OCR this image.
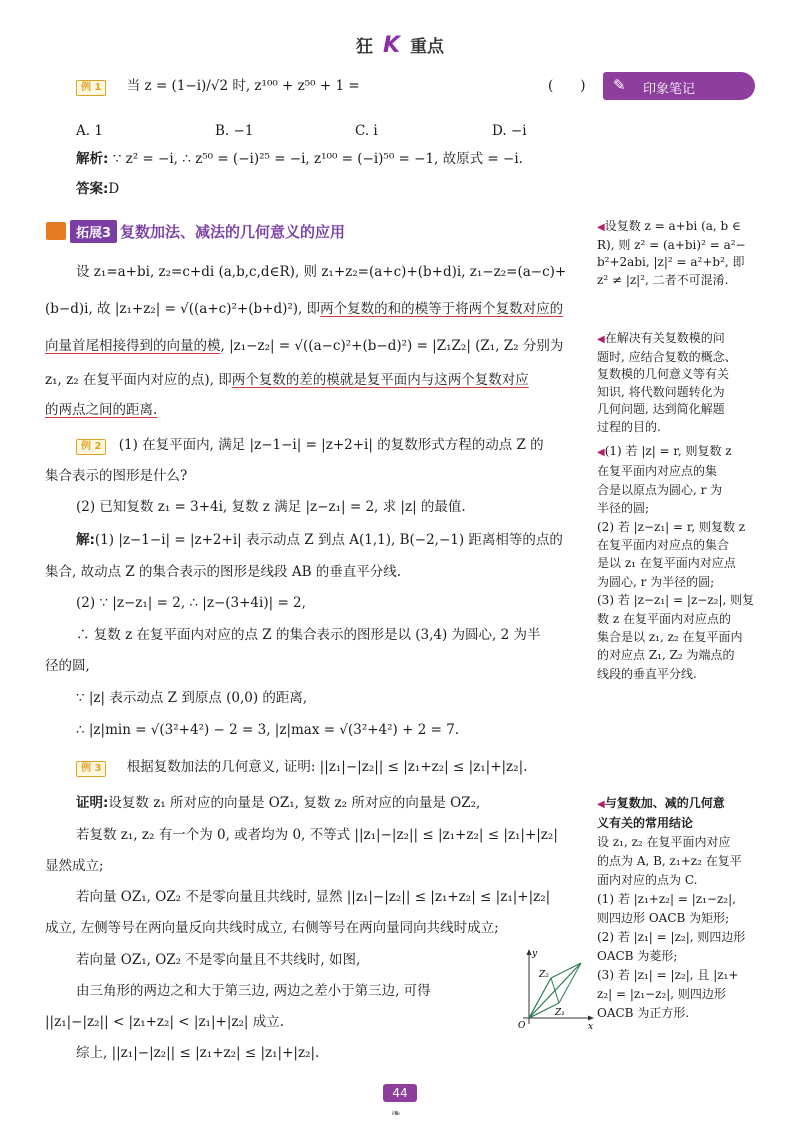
狂 K 重点
✎ 印象笔记
例 1 当 z = (1−i)/√2 时, z¹⁰⁰ + z⁵⁰ + 1 =	(　　)
A. 1	B. −1	C. i	D. −i
解析: ∵ z² = −i, ∴ z⁵⁰ = (−i)²⁵ = −i, z¹⁰⁰ = (−i)⁵⁰ = −1, 故原式 = −i.
答案:D
拓展3 复数加法、减法的几何意义的应用
设 z₁=a+bi, z₂=c+di (a,b,c,d∈R), 则 z₁+z₂=(a+c)+(b+d)i, z₁−z₂=(a−c)+
(b−d)i, 故 |z₁+z₂| = √((a+c)²+(b+d)²), 即两个复数的和的模等于将两个复数对应的
向量首尾相接得到的向量的模, |z₁−z₂| = √((a−c)²+(b−d)²) = |Z₁Z₂| (Z₁, Z₂ 分别为
z₁, z₂ 在复平面内对应的点), 即两个复数的差的模就是复平面内与这两个复数对应
的两点之间的距离.
例 2 (1) 在复平面内, 满足 |z−1−i| = |z+2+i| 的复数形式方程的动点 Z 的
集合表示的图形是什么?
(2) 已知复数 z₁ = 3+4i, 复数 z 满足 |z−z₁| = 2, 求 |z| 的最值.
解:(1) |z−1−i| = |z+2+i| 表示动点 Z 到点 A(1,1), B(−2,−1) 距离相等的点的
集合, 故动点 Z 的集合表示的图形是线段 AB 的垂直平分线.
(2) ∵ |z−z₁| = 2, ∴ |z−(3+4i)| = 2,
∴ 复数 z 在复平面内对应的点 Z 的集合表示的图形是以 (3,4) 为圆心, 2 为半
径的圆,
∵ |z| 表示动点 Z 到原点 (0,0) 的距离,
∴ |z|min = √(3²+4²) − 2 = 3, |z|max = √(3²+4²) + 2 = 7.
例 3 根据复数加法的几何意义, 证明: ||z₁|−|z₂|| ≤ |z₁+z₂| ≤ |z₁|+|z₂|.
证明:设复数 z₁ 所对应的向量是 OZ₁, 复数 z₂ 所对应的向量是 OZ₂,
若复数 z₁, z₂ 有一个为 0, 或者均为 0, 不等式 ||z₁|−|z₂|| ≤ |z₁+z₂| ≤ |z₁|+|z₂|
显然成立;
若向量 OZ₁, OZ₂ 不是零向量且共线时, 显然 ||z₁|−|z₂|| ≤ |z₁+z₂| ≤ |z₁|+|z₂|
成立, 左侧等号在两向量反向共线时成立, 右侧等号在两向量同向共线时成立;
若向量 OZ₁, OZ₂ 不是零向量且不共线时, 如图,
由三角形的两边之和大于第三边, 两边之差小于第三边, 可得
||z₁|−|z₂|| < |z₁+z₂| < |z₁|+|z₂| 成立.
综上, ||z₁|−|z₂|| ≤ |z₁+z₂| ≤ |z₁|+|z₂|.
y
x
O
Z₂
Z₁
◀设复数 z = a+bi (a, b ∈
R), 则 z² = (a+bi)² = a²−
b²+2abi, |z|² = a²+b², 即
z² ≠ |z|², 二者不可混淆.
◀在解决有关复数模的问
题时, 应结合复数的概念、
复数模的几何意义等有关
知识, 将代数问题转化为
几何问题, 达到简化解题
过程的目的.
◀(1) 若 |z| = r, 则复数 z
在复平面内对应点的集
合是以原点为圆心, r 为
半径的圆;
(2) 若 |z−z₁| = r, 则复数 z
在复平面内对应点的集合
是以 z₁ 在复平面内对应点
为圆心, r 为半径的圆;
(3) 若 |z−z₁| = |z−z₂|, 则复
数 z 在复平面内对应点的
集合是以 z₁, z₂ 在复平面内
的对应点 Z₁, Z₂ 为端点的
线段的垂直平分线.
◀与复数加、减的几何意
义有关的常用结论
设 z₁, z₂ 在复平面内对应
的点为 A, B, z₁+z₂ 在复平
面内对应的点为 C.
(1) 若 |z₁+z₂| = |z₁−z₂|,
则四边形 OACB 为矩形;
(2) 若 |z₁| = |z₂|, 则四边形
OACB 为菱形;
(3) 若 |z₁| = |z₂|, 且 |z₁+
z₂| = |z₁−z₂|, 则四边形
OACB 为正方形.
44
❧
